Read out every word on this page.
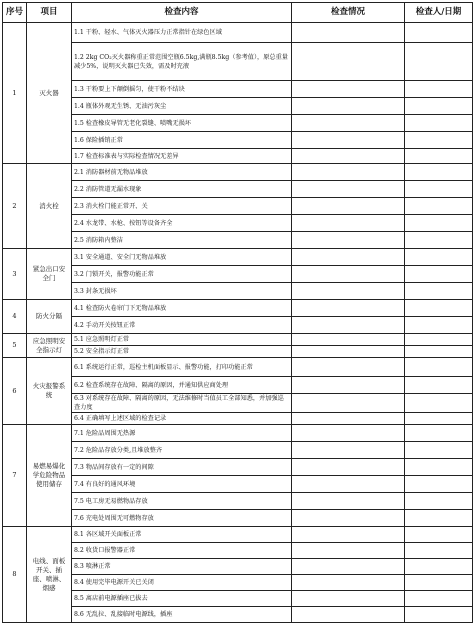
序号	项目	检查内容	检查情况	检查人/日期
1	灭火器	1.1 干粉、轻水、气体灭火器压力正常指针在绿色区域		
		1.2 2kg CO₂灭火器称重正常范围空瓶6.5kg,满瓶8.5kg（参考值），原总重量减少5%，说明灭火器已失效，需及时充液		
		1.3 干粉要上下颠倒摇匀，使干粉不结块		
		1.4 瓶体外观无生锈、无油污灰尘		
		1.5 检查橡皮导管无老化裂缝、喷嘴无损坏		
		1.6 保险插销正常		
		1.7 检查标准表与实际检查情况无差异		
2	消火栓	2.1 消防器材前无物品堆放		
		2.2 消防管道无漏水现象		
		2.3 消火栓门能正常开、关		
		2.4 水龙带、水枪、按钮等设备齐全		
		2.5 消防箱内整洁		
3	紧急出口安全门	3.1 安全通道、安全门无物品堆放		
		3.2 门锁开关，报警功能正常		
		3.3 封条无损坏		
4	防火分隔	4.1 检查防火卷帘门下无物品堆放		
		4.2 手动开关按钮正常		
5	应急照明安全指示灯	5.1 应急照明灯正常		
		5.2 安全指示灯正常		
6	火灾报警系统	6.1 系统运行正常，巡检主机面板显示、报警功能，打印功能正常		
		6.2 检查系统存在故障、隔离的原因，并通知供应商处理		
		6.3 对系统存在故障、隔离的原因，无法维修时当值员工全部知悉，并加强巡查力度		
		6.4 正确填写上述区域的检查记录		
7	易燃易爆化学危险物品使用储存	7.1 危险品周围无热源		
		7.2 危险品存放分类,且堆放整齐		
		7.3 物品间存放有一定的间隙		
		7.4 有良好的通风环境		
		7.5 电工房无易燃物品存放		
		7.6 充电处周围无可燃物存放		
8	电线、面板开关、插座、喷淋、烟感	8.1 各区域开关面板正常		
		8.2 收货口报警器正常		
		8.3 喷淋正常		
		8.4 使用完毕电源开关已关闭		
		8.5 离店前电源插座已拔去		
		8.6 无乱拉、乱接临时电源线，插座		
